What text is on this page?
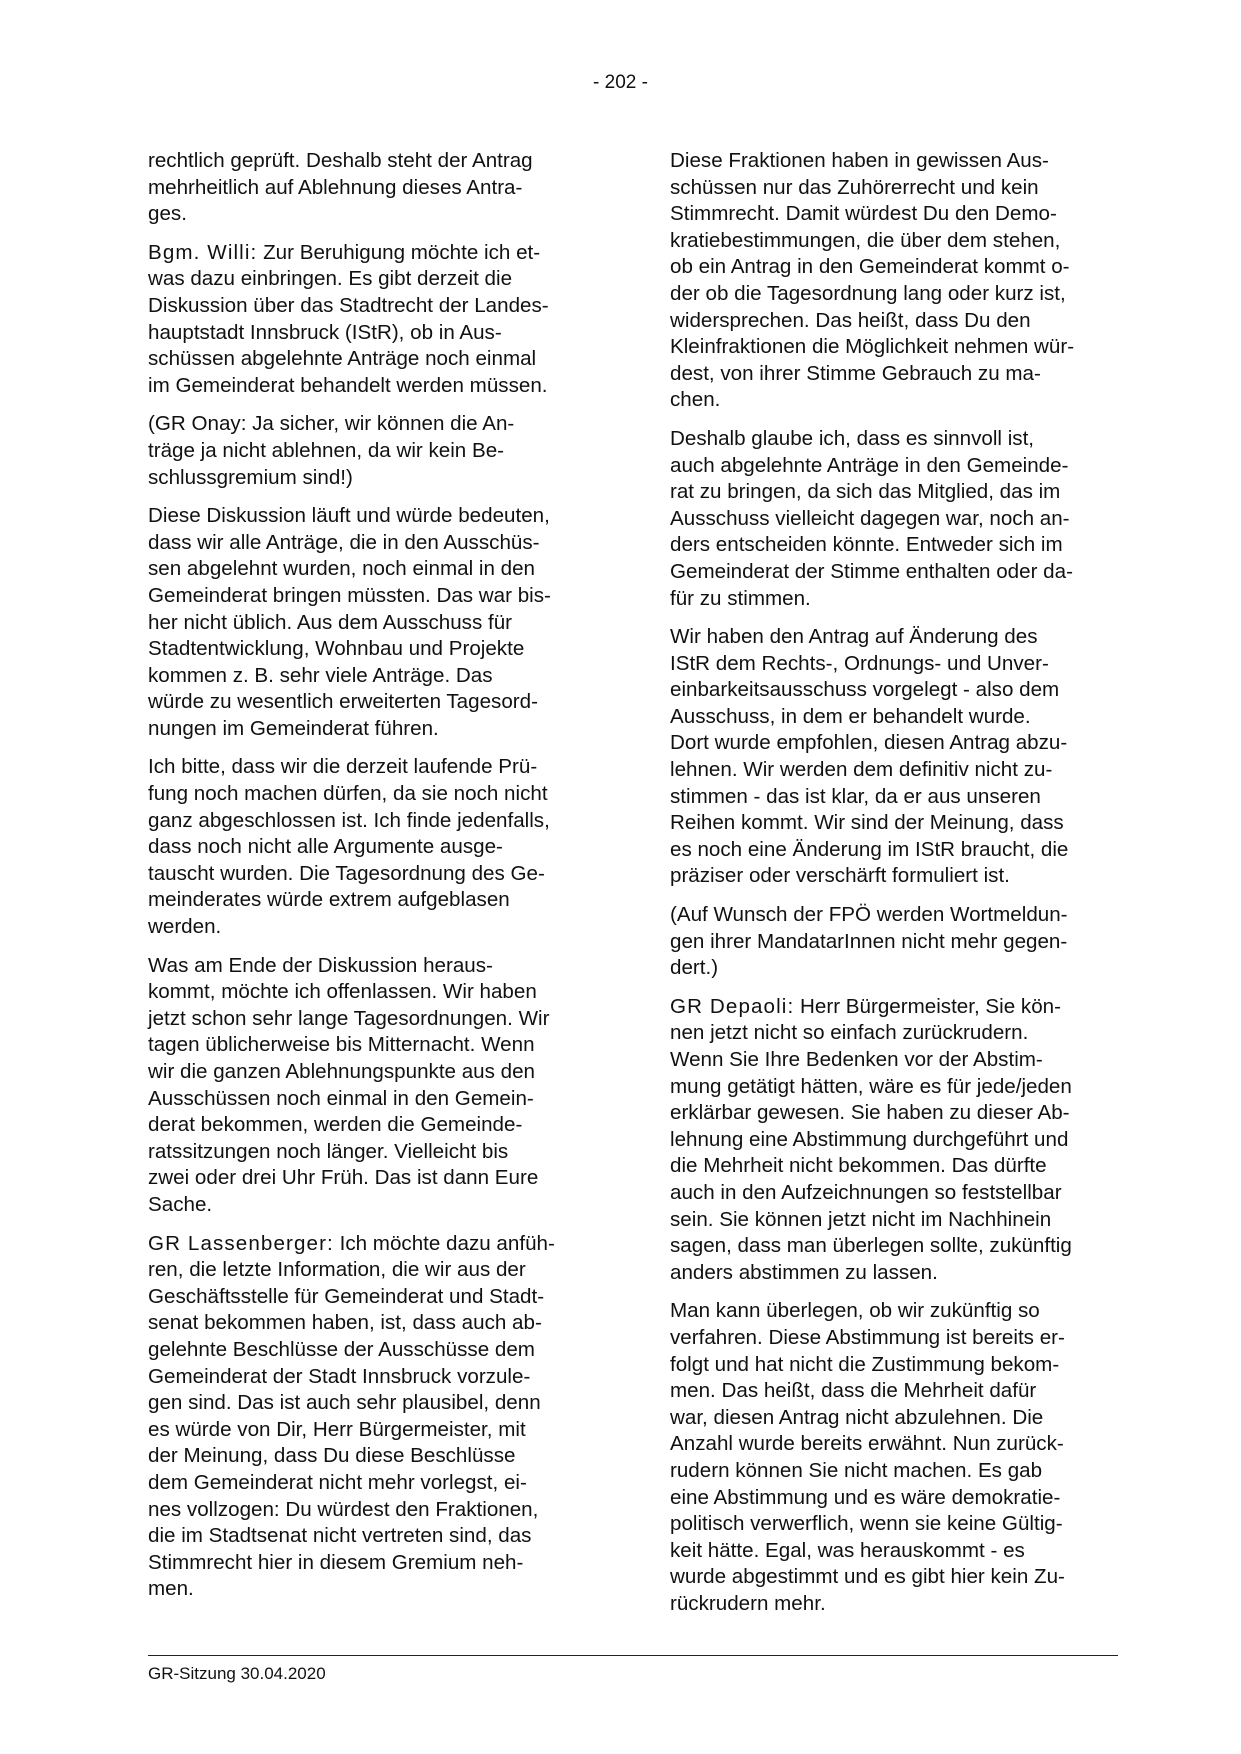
- 202 -

rechtlich geprüft. Deshalb steht der Antrag
mehrheitlich auf Ablehnung dieses Antra-
ges.

Bgm. Willi: Zur Beruhigung möchte ich et-
was dazu einbringen. Es gibt derzeit die
Diskussion über das Stadtrecht der Landes-
hauptstadt Innsbruck (IStR), ob in Aus-
schüssen abgelehnte Anträge noch einmal
im Gemeinderat behandelt werden müssen.

(GR Onay: Ja sicher, wir können die An-
träge ja nicht ablehnen, da wir kein Be-
schlussgremium sind!)

Diese Diskussion läuft und würde bedeuten,
dass wir alle Anträge, die in den Ausschüs-
sen abgelehnt wurden, noch einmal in den
Gemeinderat bringen müssten. Das war bis-
her nicht üblich. Aus dem Ausschuss für
Stadtentwicklung, Wohnbau und Projekte
kommen z. B. sehr viele Anträge. Das
würde zu wesentlich erweiterten Tagesord-
nungen im Gemeinderat führen.

Ich bitte, dass wir die derzeit laufende Prü-
fung noch machen dürfen, da sie noch nicht
ganz abgeschlossen ist. Ich finde jedenfalls,
dass noch nicht alle Argumente ausge-
tauscht wurden. Die Tagesordnung des Ge-
meinderates würde extrem aufgeblasen
werden.

Was am Ende der Diskussion heraus-
kommt, möchte ich offenlassen. Wir haben
jetzt schon sehr lange Tagesordnungen. Wir
tagen üblicherweise bis Mitternacht. Wenn
wir die ganzen Ablehnungspunkte aus den
Ausschüssen noch einmal in den Gemein-
derat bekommen, werden die Gemeinde-
ratssitzungen noch länger. Vielleicht bis
zwei oder drei Uhr Früh. Das ist dann Eure
Sache.

GR Lassenberger: Ich möchte dazu anfüh-
ren, die letzte Information, die wir aus der
Geschäftsstelle für Gemeinderat und Stadt-
senat bekommen haben, ist, dass auch ab-
gelehnte Beschlüsse der Ausschüsse dem
Gemeinderat der Stadt Innsbruck vorzule-
gen sind. Das ist auch sehr plausibel, denn
es würde von Dir, Herr Bürgermeister, mit
der Meinung, dass Du diese Beschlüsse
dem Gemeinderat nicht mehr vorlegst, ei-
nes vollzogen: Du würdest den Fraktionen,
die im Stadtsenat nicht vertreten sind, das
Stimmrecht hier in diesem Gremium neh-
men.

Diese Fraktionen haben in gewissen Aus-
schüssen nur das Zuhörerrecht und kein
Stimmrecht. Damit würdest Du den Demo-
kratiebestimmungen, die über dem stehen,
ob ein Antrag in den Gemeinderat kommt o-
der ob die Tagesordnung lang oder kurz ist,
widersprechen. Das heißt, dass Du den
Kleinfraktionen die Möglichkeit nehmen wür-
dest, von ihrer Stimme Gebrauch zu ma-
chen.

Deshalb glaube ich, dass es sinnvoll ist,
auch abgelehnte Anträge in den Gemeinde-
rat zu bringen, da sich das Mitglied, das im
Ausschuss vielleicht dagegen war, noch an-
ders entscheiden könnte. Entweder sich im
Gemeinderat der Stimme enthalten oder da-
für zu stimmen.

Wir haben den Antrag auf Änderung des
IStR dem Rechts-, Ordnungs- und Unver-
einbarkeitsausschuss vorgelegt - also dem
Ausschuss, in dem er behandelt wurde.
Dort wurde empfohlen, diesen Antrag abzu-
lehnen. Wir werden dem definitiv nicht zu-
stimmen - das ist klar, da er aus unseren
Reihen kommt. Wir sind der Meinung, dass
es noch eine Änderung im IStR braucht, die
präziser oder verschärft formuliert ist.

(Auf Wunsch der FPÖ werden Wortmeldun-
gen ihrer MandatarInnen nicht mehr gegen-
dert.)

GR Depaoli: Herr Bürgermeister, Sie kön-
nen jetzt nicht so einfach zurückrudern.
Wenn Sie Ihre Bedenken vor der Abstim-
mung getätigt hätten, wäre es für jede/jeden
erklärbar gewesen. Sie haben zu dieser Ab-
lehnung eine Abstimmung durchgeführt und
die Mehrheit nicht bekommen. Das dürfte
auch in den Aufzeichnungen so feststellbar
sein. Sie können jetzt nicht im Nachhinein
sagen, dass man überlegen sollte, zukünftig
anders abstimmen zu lassen.

Man kann überlegen, ob wir zukünftig so
verfahren. Diese Abstimmung ist bereits er-
folgt und hat nicht die Zustimmung bekom-
men. Das heißt, dass die Mehrheit dafür
war, diesen Antrag nicht abzulehnen. Die
Anzahl wurde bereits erwähnt. Nun zurück-
rudern können Sie nicht machen. Es gab
eine Abstimmung und es wäre demokratie-
politisch verwerflich, wenn sie keine Gültig-
keit hätte. Egal, was herauskommt - es
wurde abgestimmt und es gibt hier kein Zu-
rückrudern mehr.

GR-Sitzung 30.04.2020
